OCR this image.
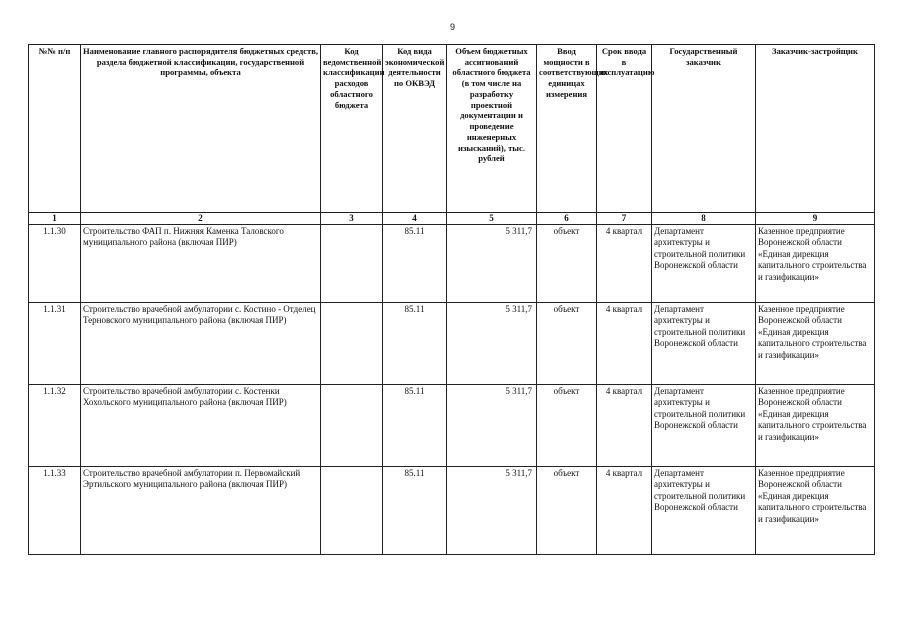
9
№№ п/п	Наименование главного распорядителя бюджетных средств, раздела бюджетной классификации, государственной программы, объекта	Код ведомственной классификации расходов областного бюджета	Код вида экономической деятельности по ОКВЭД	Объем бюджетных ассигнований областного бюджета (в том числе на разработку проектной документации и проведение инженерных изысканий), тыс. рублей	Ввод мощности в соответствующих единицах измерения	Срок ввода в эксплуатацию	Государственный заказчик	Заказчик-застройщик
1	2	3	4	5	6	7	8	9
1.1.30	Строительство ФАП п. Нижняя Каменка Таловского муниципального района (включая ПИР)		85.11	5 311,7	объект	4 квартал	Департамент архитектуры и строительной политики Воронежской области	Казенное предприятие Воронежской области «Единая дирекция капитального строительства и газификации»
1.1.31	Строительство врачебной амбулатории с. Костино - Отделец Терновского муниципального района (включая ПИР)		85.11	5 311,7	объект	4 квартал	Департамент архитектуры и строительной политики Воронежской области	Казенное предприятие Воронежской области «Единая дирекция капитального строительства и газификации»
1.1.32	Строительство врачебной амбулатории с. Костенки Хохольского муниципального района (включая ПИР)		85.11	5 311,7	объект	4 квартал	Департамент архитектуры и строительной политики Воронежской области	Казенное предприятие Воронежской области «Единая дирекция капитального строительства и газификации»
1.1.33	Строительство врачебной амбулатории п. Первомайский Эртильского муниципального района (включая ПИР)		85.11	5 311,7	объект	4 квартал	Департамент архитектуры и строительной политики Воронежской области	Казенное предприятие Воронежской области «Единая дирекция капитального строительства и газификации»
